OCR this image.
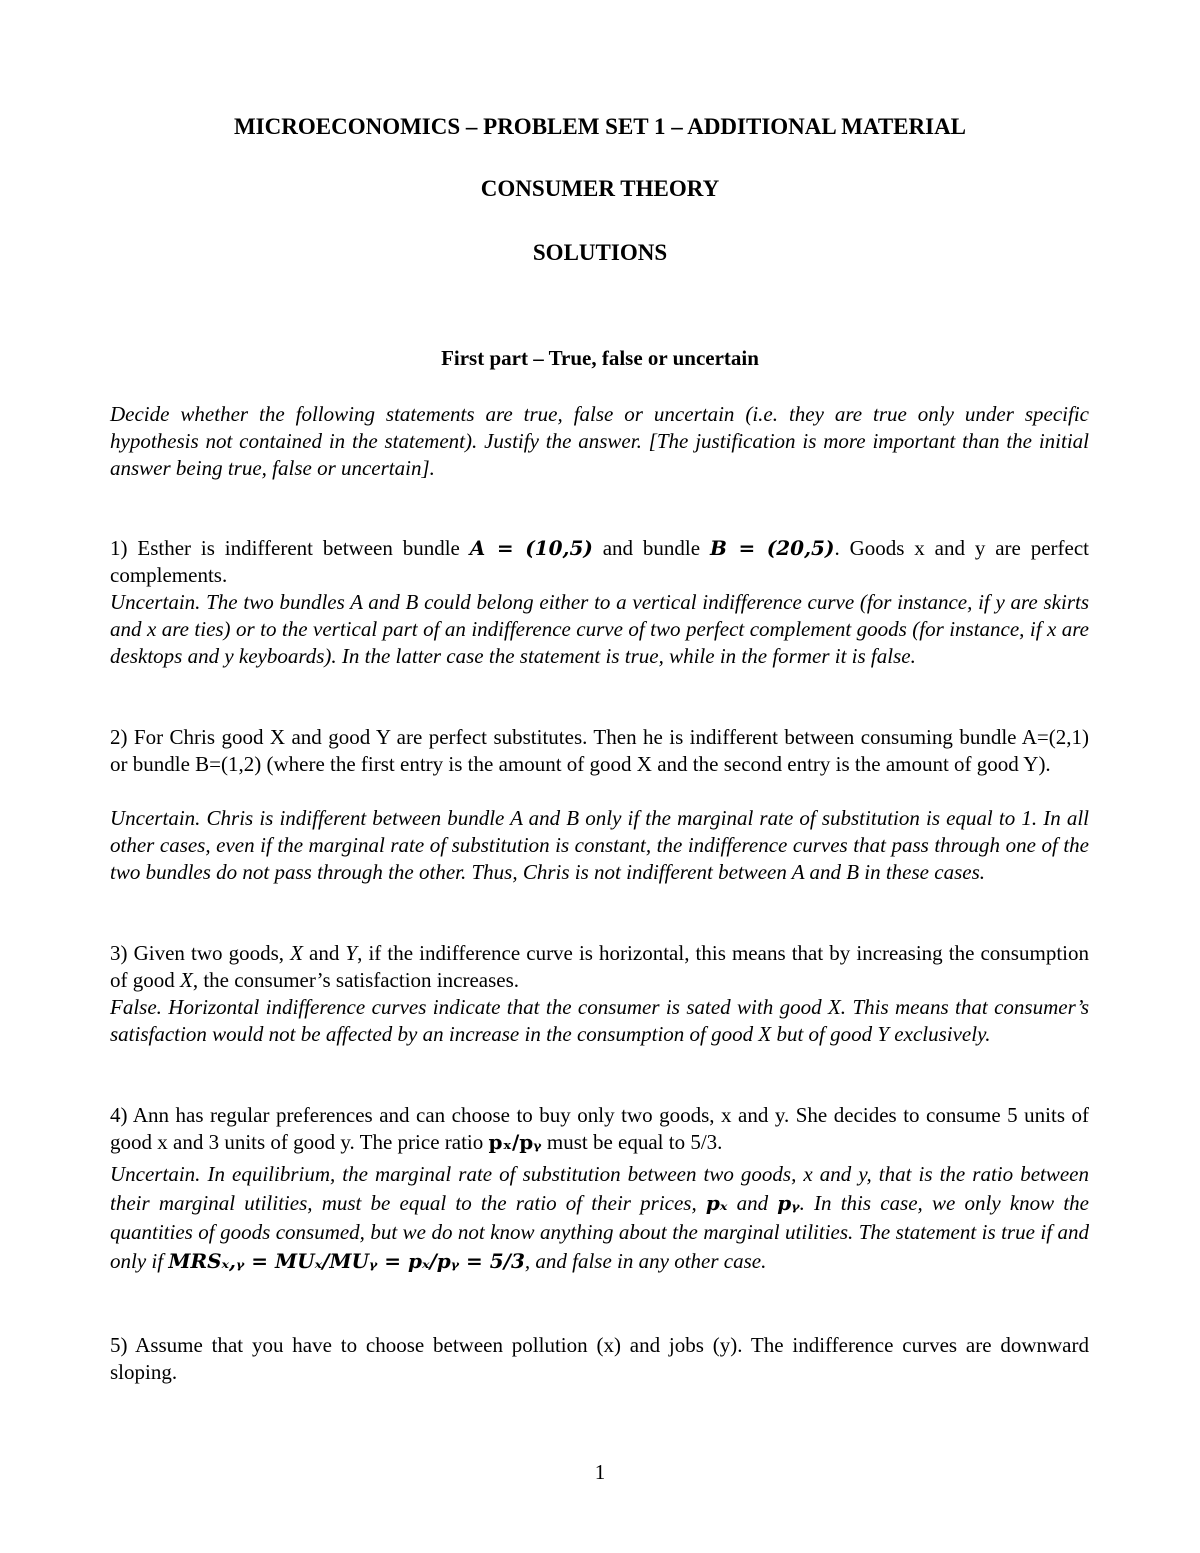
MICROECONOMICS – PROBLEM SET 1 – ADDITIONAL MATERIAL
CONSUMER THEORY
SOLUTIONS
First part – True, false or uncertain
Decide whether the following statements are true, false or uncertain (i.e. they are true only under specific hypothesis not contained in the statement). Justify the answer. [The justification is more important than the initial answer being true, false or uncertain].
1) Esther is indifferent between bundle A = (10,5) and bundle B = (20,5). Goods x and y are perfect complements.
Uncertain. The two bundles A and B could belong either to a vertical indifference curve (for instance, if y are skirts and x are ties) or to the vertical part of an indifference curve of two perfect complement goods (for instance, if x are desktops and y keyboards). In the latter case the statement is true, while in the former it is false.
2) For Chris good X and good Y are perfect substitutes. Then he is indifferent between consuming bundle A=(2,1) or bundle B=(1,2) (where the first entry is the amount of good X and the second entry is the amount of good Y).
Uncertain. Chris is indifferent between bundle A and B only if the marginal rate of substitution is equal to 1. In all other cases, even if the marginal rate of substitution is constant, the indifference curves that pass through one of the two bundles do not pass through the other. Thus, Chris is not indifferent between A and B in these cases.
3) Given two goods, X and Y, if the indifference curve is horizontal, this means that by increasing the consumption of good X, the consumer’s satisfaction increases.
False. Horizontal indifference curves indicate that the consumer is sated with good X. This means that consumer’s satisfaction would not be affected by an increase in the consumption of good X but of good Y exclusively.
4) Ann has regular preferences and can choose to buy only two goods, x and y. She decides to consume 5 units of good x and 3 units of good y. The price ratio pₓ/pᵧ must be equal to 5/3.
Uncertain. In equilibrium, the marginal rate of substitution between two goods, x and y, that is the ratio between their marginal utilities, must be equal to the ratio of their prices, pₓ and pᵧ. In this case, we only know the quantities of goods consumed, but we do not know anything about the marginal utilities. The statement is true if and only if MRSₓ,ᵧ = MUₓ/MUᵧ = pₓ/pᵧ = 5/3, and false in any other case.
5) Assume that you have to choose between pollution (x) and jobs (y). The indifference curves are downward sloping.
1
